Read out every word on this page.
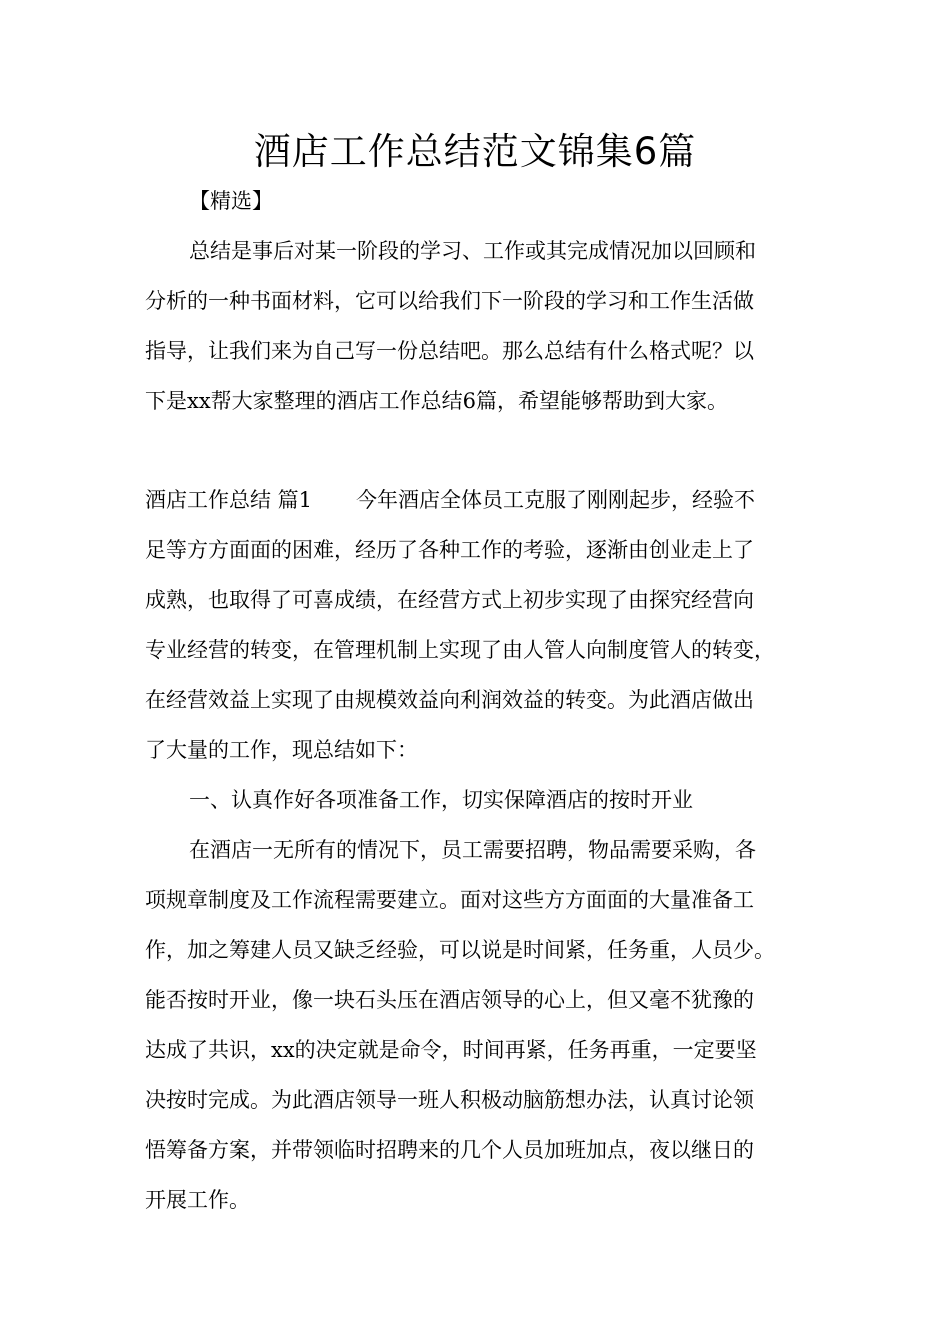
酒店工作总结范文锦集6篇
【精选】
总结是事后对某一阶段的学习、工作或其完成情况加以回顾和
分析的一种书面材料，它可以给我们下一阶段的学习和工作生活做
指导，让我们来为自己写一份总结吧。那么总结有什么格式呢？以
下是xx帮大家整理的酒店工作总结6篇，希望能够帮助到大家。
酒店工作总结 篇1 今年酒店全体员工克服了刚刚起步，经验不
足等方方面面的困难，经历了各种工作的考验，逐渐由创业走上了
成熟，也取得了可喜成绩，在经营方式上初步实现了由探究经营向
专业经营的转变，在管理机制上实现了由人管人向制度管人的转变，
在经营效益上实现了由规模效益向利润效益的转变。为此酒店做出
了大量的工作，现总结如下：
一、认真作好各项准备工作，切实保障酒店的按时开业
在酒店一无所有的情况下，员工需要招聘，物品需要采购，各
项规章制度及工作流程需要建立。面对这些方方面面的大量准备工
作，加之筹建人员又缺乏经验，可以说是时间紧，任务重，人员少。
能否按时开业，像一块石头压在酒店领导的心上，但又毫不犹豫的
达成了共识，xx的决定就是命令，时间再紧，任务再重，一定要坚
决按时完成。为此酒店领导一班人积极动脑筋想办法，认真讨论领
悟筹备方案，并带领临时招聘来的几个人员加班加点，夜以继日的
开展工作。
